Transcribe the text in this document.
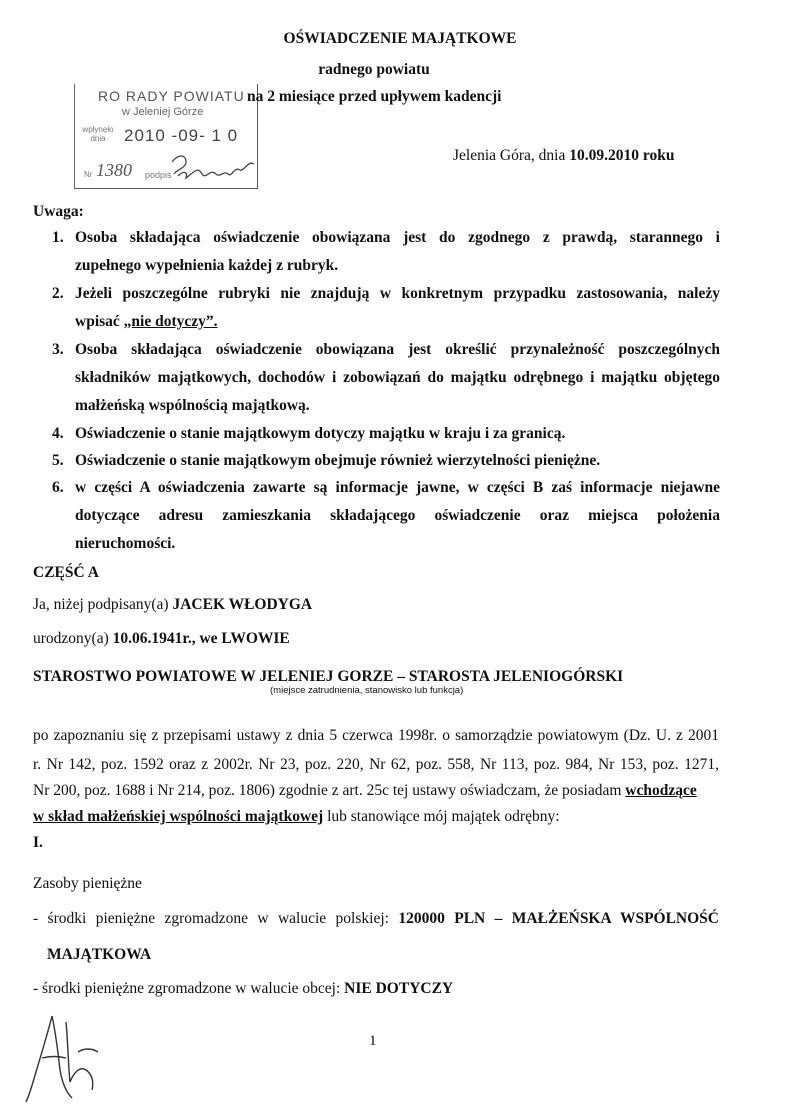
OŚWIADCZENIE MAJĄTKOWE
radnego powiatu
RO RADY POWIATU
w Jeleniej Górze
wpłynęło dnia	2010 -09- 1 0
Nr 1380 podpis
na 2 miesiące przed upływem kadencji
Jelenia Góra, dnia 10.09.2010 roku
Uwaga:
1. Osoba składająca oświadczenie obowiązana jest do zgodnego z prawdą, starannego i
zupełnego wypełnienia każdej z rubryk.
2. Jeżeli poszczególne rubryki nie znajdują w konkretnym przypadku zastosowania, należy
wpisać „nie dotyczy”.
3. Osoba składająca oświadczenie obowiązana jest określić przynależność poszczególnych
składników majątkowych, dochodów i zobowiązań do majątku odrębnego i majątku objętego
małżeńską wspólnością majątkową.
4. Oświadczenie o stanie majątkowym dotyczy majątku w kraju i za granicą.
5. Oświadczenie o stanie majątkowym obejmuje również wierzytelności pieniężne.
6. w części A oświadczenia zawarte są informacje jawne, w części B zaś informacje niejawne
dotyczące adresu zamieszkania składającego oświadczenie oraz miejsca położenia
nieruchomości.
CZĘŚĆ A
Ja, niżej podpisany(a) JACEK WŁODYGA
urodzony(a) 10.06.1941r., we LWOWIE
STAROSTWO POWIATOWE W JELENIEJ GORZE – STAROSTA JELENIOGÓRSKI
(miejsce zatrudnienia, stanowisko lub funkcja)
po zapoznaniu się z przepisami ustawy z dnia 5 czerwca 1998r. o samorządzie powiatowym (Dz. U. z 2001
r. Nr 142, poz. 1592 oraz z 2002r. Nr 23, poz. 220, Nr 62, poz. 558, Nr 113, poz. 984, Nr 153, poz. 1271,
Nr 200, poz. 1688 i Nr 214, poz. 1806) zgodnie z art. 25c tej ustawy oświadczam, że posiadam wchodzące
w skład małżeńskiej wspólności majątkowej lub stanowiące mój majątek odrębny:
I.
Zasoby pieniężne
- środki pieniężne zgromadzone w walucie polskiej: 120000 PLN – MAŁŻEŃSKA WSPÓLNOŚĆ
MAJĄTKOWA
- środki pieniężne zgromadzone w walucie obcej: NIE DOTYCZY
1
